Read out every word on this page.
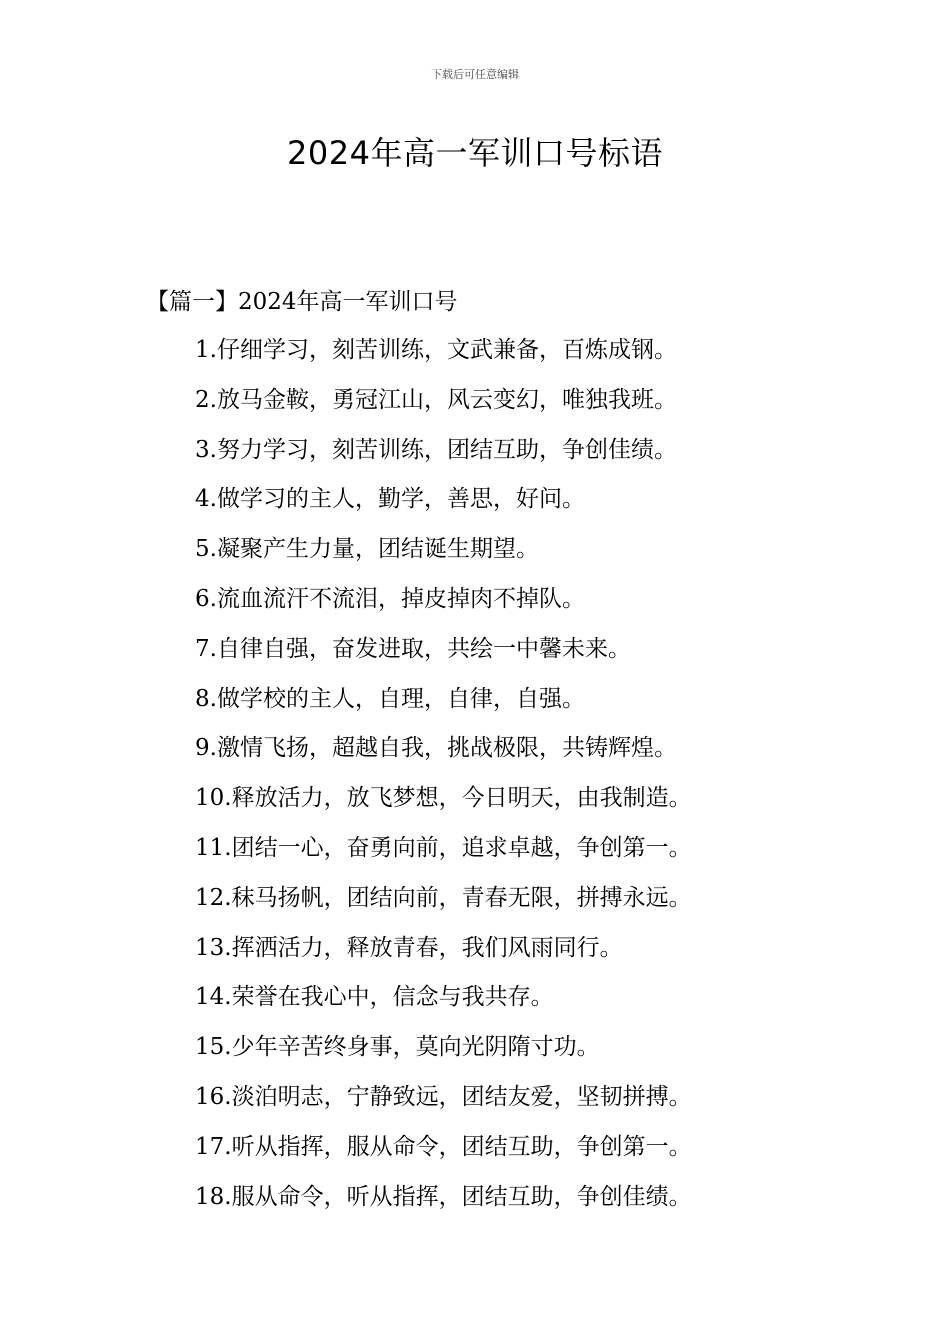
下载后可任意编辑
2024年高一军训口号标语
【篇一】2024年高一军训口号
1.仔细学习，刻苦训练，文武兼备，百炼成钢。
2.放马金鞍，勇冠江山，风云变幻，唯独我班。
3.努力学习，刻苦训练，团结互助，争创佳绩。
4.做学习的主人，勤学，善思，好问。
5.凝聚产生力量，团结诞生期望。
6.流血流汗不流泪，掉皮掉肉不掉队。
7.自律自强，奋发进取，共绘一中馨未来。
8.做学校的主人，自理，自律，自强。
9.激情飞扬，超越自我，挑战极限，共铸辉煌。
10.释放活力，放飞梦想，今日明天，由我制造。
11.团结一心，奋勇向前，追求卓越，争创第一。
12.秣马扬帆，团结向前，青春无限，拼搏永远。
13.挥洒活力，释放青春，我们风雨同行。
14.荣誉在我心中，信念与我共存。
15.少年辛苦终身事，莫向光阴隋寸功。
16.淡泊明志，宁静致远，团结友爱，坚韧拼搏。
17.听从指挥，服从命令，团结互助，争创第一。
18.服从命令，听从指挥，团结互助，争创佳绩。
